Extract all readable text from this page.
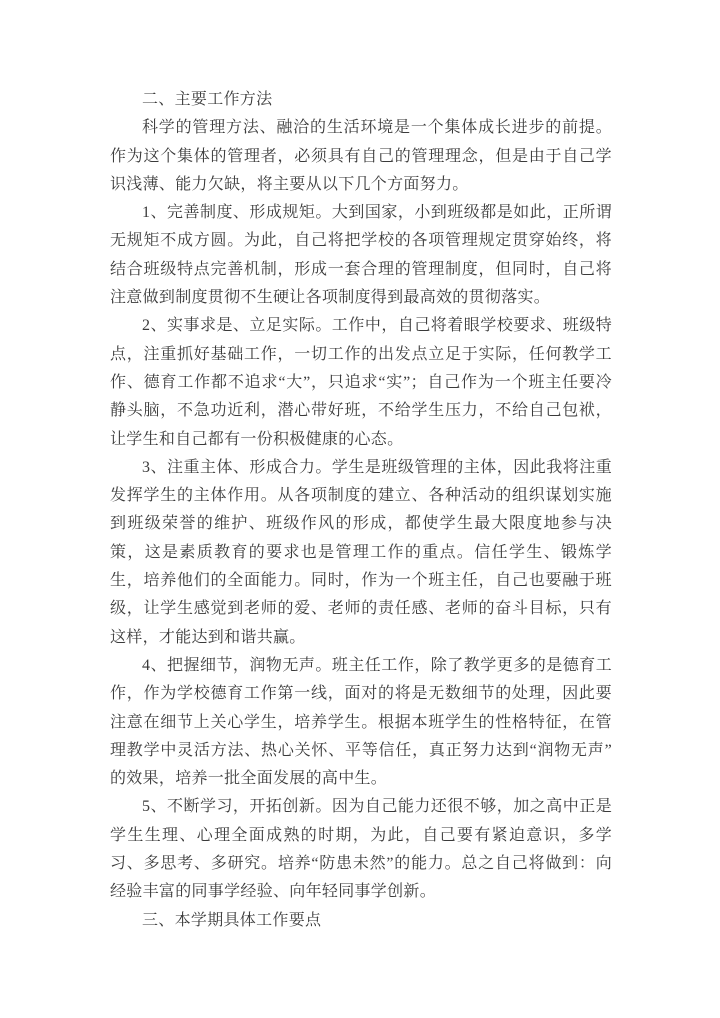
二、主要工作方法

科学的管理方法、融洽的生活环境是一个集体成长进步的前提。作为这个集体的管理者，必须具有自己的管理理念，但是由于自己学识浅薄、能力欠缺，将主要从以下几个方面努力。

1、完善制度、形成规矩。大到国家，小到班级都是如此，正所谓无规矩不成方圆。为此，自己将把学校的各项管理规定贯穿始终，将结合班级特点完善机制，形成一套合理的管理制度，但同时，自己将注意做到制度贯彻不生硬让各项制度得到最高效的贯彻落实。

2、实事求是、立足实际。工作中，自己将着眼学校要求、班级特点，注重抓好基础工作，一切工作的出发点立足于实际，任何教学工作、德育工作都不追求“大”，只追求“实”；自己作为一个班主任要冷静头脑，不急功近利，潜心带好班，不给学生压力，不给自己包袱，让学生和自己都有一份积极健康的心态。

3、注重主体、形成合力。学生是班级管理的主体，因此我将注重发挥学生的主体作用。从各项制度的建立、各种活动的组织谋划实施到班级荣誉的维护、班级作风的形成，都使学生最大限度地参与决策，这是素质教育的要求也是管理工作的重点。信任学生、锻炼学生，培养他们的全面能力。同时，作为一个班主任，自己也要融于班级，让学生感觉到老师的爱、老师的责任感、老师的奋斗目标，只有这样，才能达到和谐共赢。

4、把握细节，润物无声。班主任工作，除了教学更多的是德育工作，作为学校德育工作第一线，面对的将是无数细节的处理，因此要注意在细节上关心学生，培养学生。根据本班学生的性格特征，在管理教学中灵活方法、热心关怀、平等信任，真正努力达到“润物无声”的效果，培养一批全面发展的高中生。

5、不断学习，开拓创新。因为自己能力还很不够，加之高中正是学生生理、心理全面成熟的时期，为此，自己要有紧迫意识，多学习、多思考、多研究。培养“防患未然”的能力。总之自己将做到：向经验丰富的同事学经验、向年轻同事学创新。

三、本学期具体工作要点
